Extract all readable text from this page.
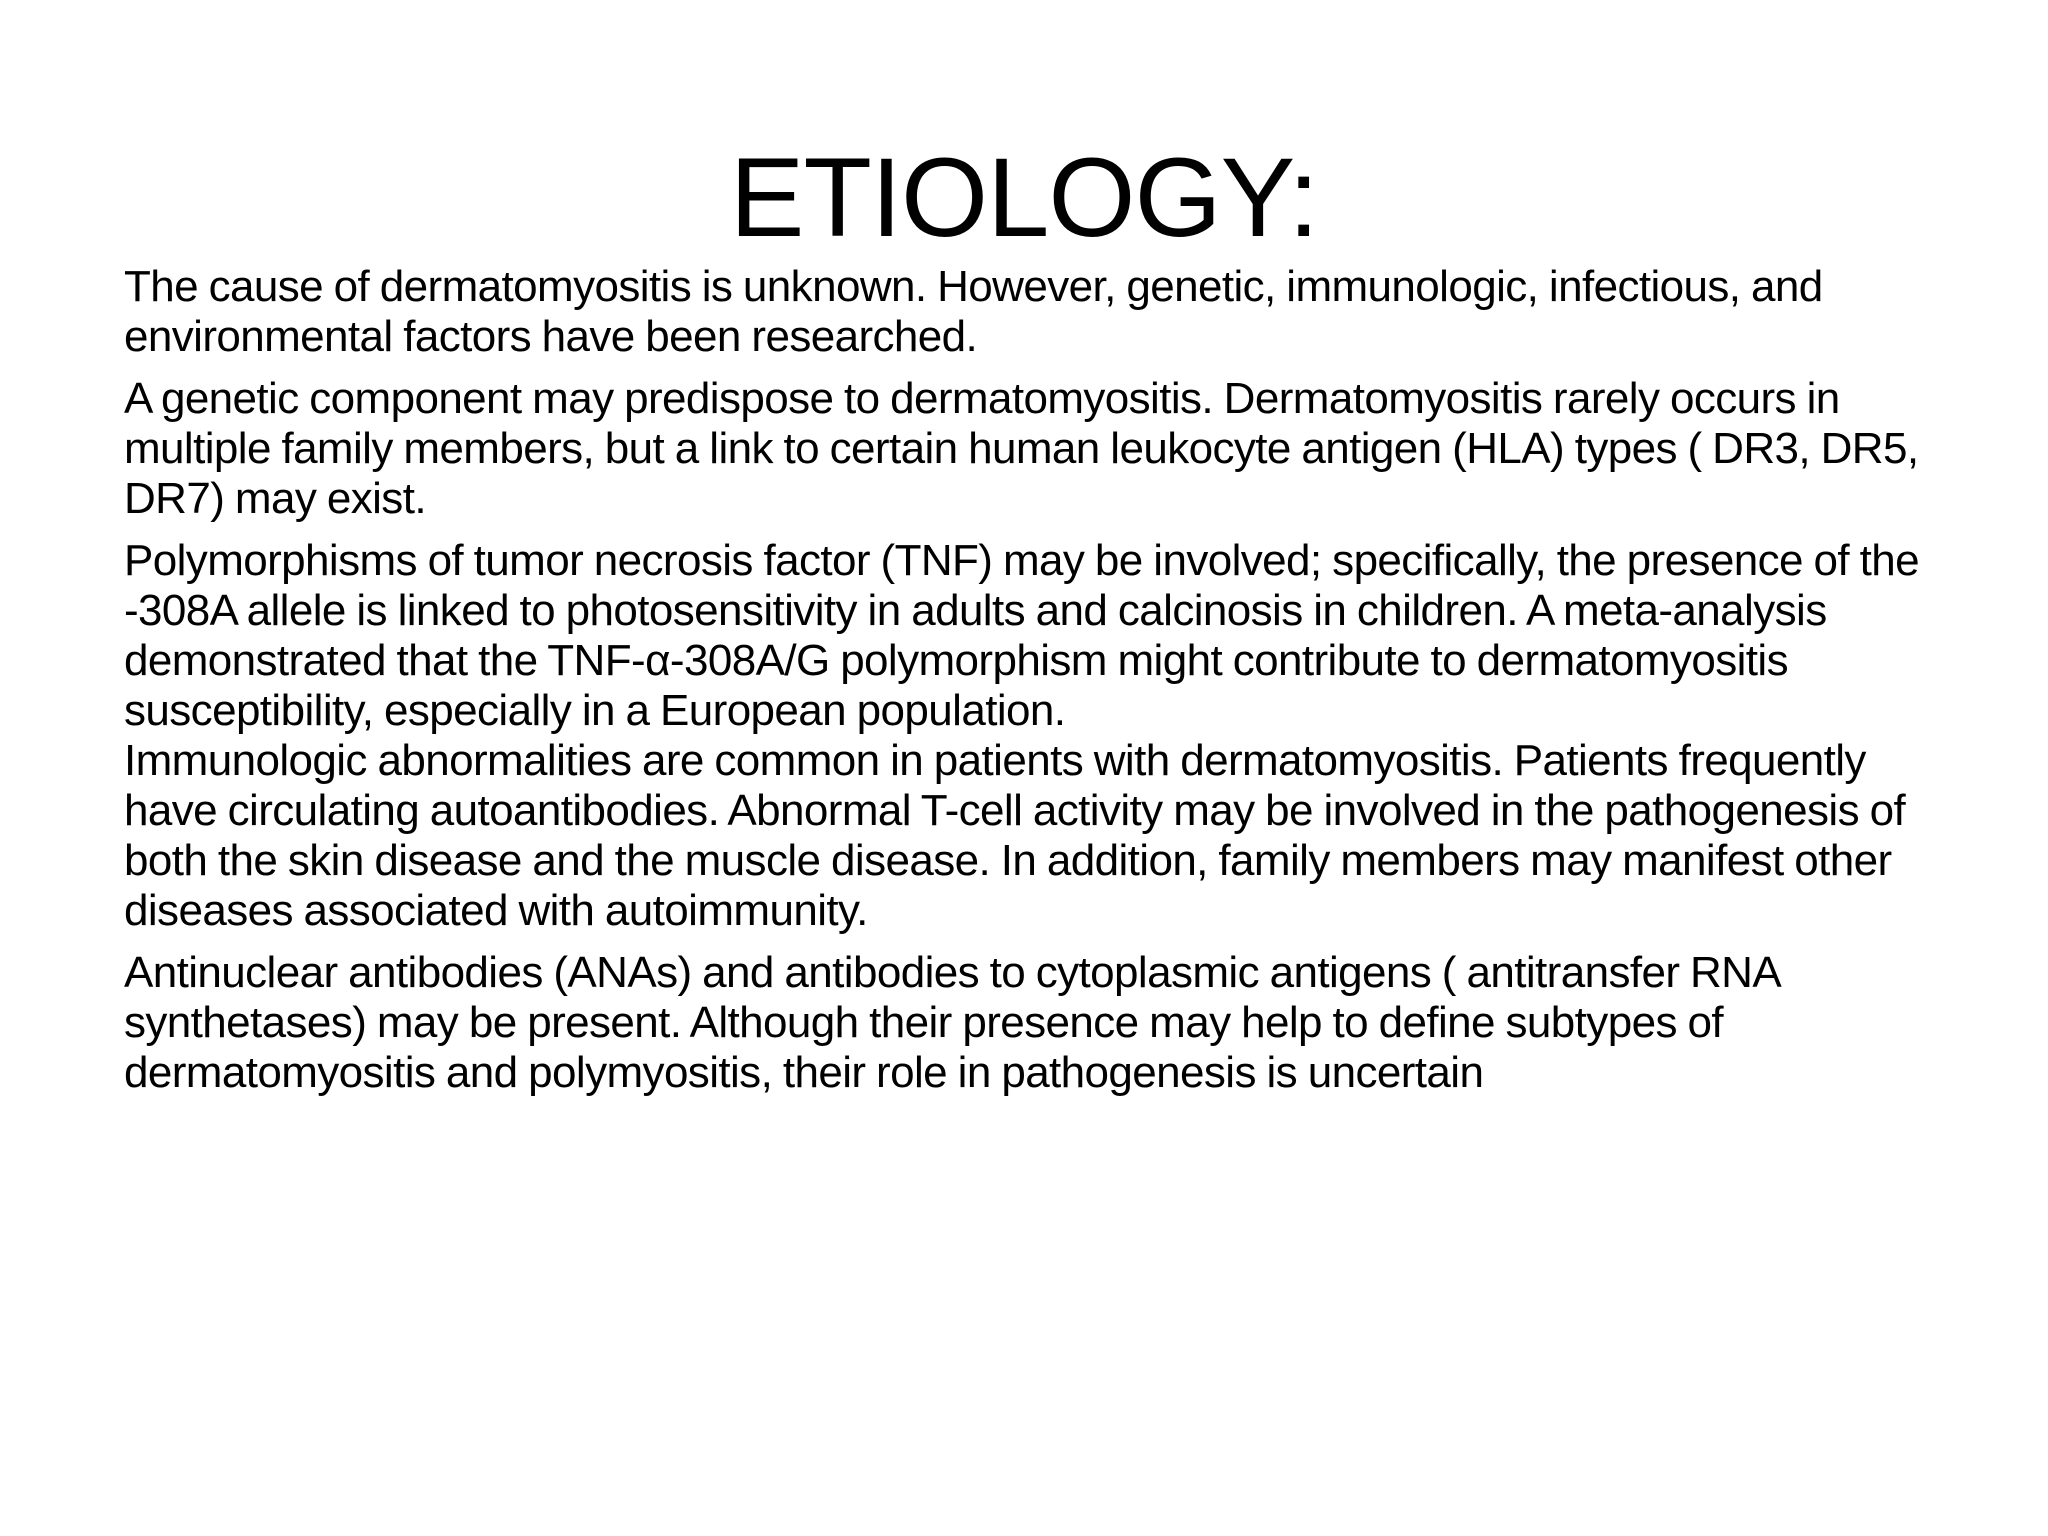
ETIOLOGY:

The cause of dermatomyositis is unknown. However, genetic, immunologic, infectious, and environmental factors have been researched.

A genetic component may predispose to dermatomyositis. Dermatomyositis rarely occurs in multiple family members, but a link to certain human leukocyte antigen (HLA) types ( DR3, DR5, DR7) may exist.

Polymorphisms of tumor necrosis factor (TNF) may be involved; specifically, the presence of the -308A allele is linked to photosensitivity in adults and calcinosis in children. A meta-analysis demonstrated that the TNF-α-308A/G polymorphism might contribute to dermatomyositis susceptibility, especially in a European population.

Immunologic abnormalities are common in patients with dermatomyositis. Patients frequently have circulating autoantibodies. Abnormal T-cell activity may be involved in the pathogenesis of both the skin disease and the muscle disease. In addition, family members may manifest other diseases associated with autoimmunity.

Antinuclear antibodies (ANAs) and antibodies to cytoplasmic antigens ( antitransfer RNA synthetases) may be present. Although their presence may help to define subtypes of dermatomyositis and polymyositis, their role in pathogenesis is uncertain
